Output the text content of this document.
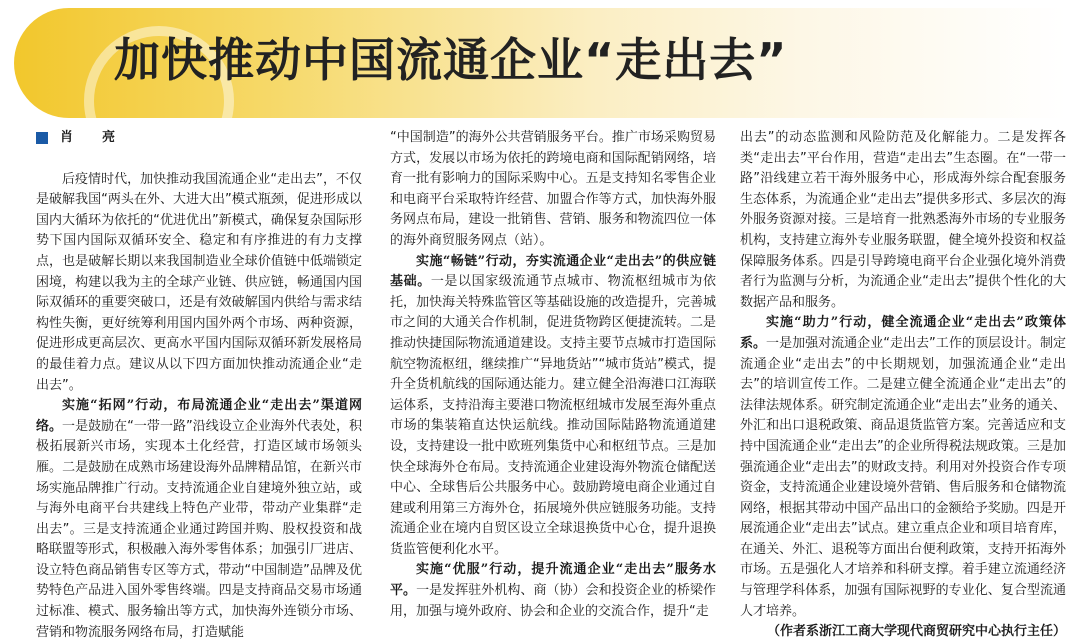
加快推动中国流通企业“走出去”
肖　亮

后疫情时代，加快推动我国流通企业“走出去”，不仅是破解我国“两头在外、大进大出”模式瓶颈，促进形成以国内大循环为依托的“优进优出”新模式，确保复杂国际形势下国内国际双循环安全、稳定和有序推进的有力支撑点，也是破解长期以来我国制造业全球价值链中低端锁定困境，构建以我为主的全球产业链、供应链，畅通国内国际双循环的重要突破口，还是有效破解国内供给与需求结构性失衡，更好统筹利用国内国外两个市场、两种资源，促进形成更高层次、更高水平国内国际双循环新发展格局的最佳着力点。建议从以下四方面加快推动流通企业“走出去”。

实施“拓网”行动，布局流通企业“走出去”渠道网络。一是鼓励在“一带一路”沿线设立企业海外代表处，积极拓展新兴市场，实现本土化经营，打造区域市场领头雁。二是鼓励在成熟市场建设海外品牌精品馆，在新兴市场实施品牌推广行动。支持流通企业自建境外独立站，或与海外电商平台共建线上特色产业带，带动产业集群“走出去”。三是支持流通企业通过跨国并购、股权投资和战略联盟等形式，积极融入海外零售体系；加强引厂进店、设立特色商品销售专区等方式，带动“中国制造”品牌及优势特色产品进入国外零售终端。四是支持商品交易市场通过标准、模式、服务输出等方式，加快海外连锁分市场、营销和物流服务网络布局，打造赋能

“中国制造”的海外公共营销服务平台。推广市场采购贸易方式，发展以市场为依托的跨境电商和国际配销网络，培育一批有影响力的国际采购中心。五是支持知名零售企业和电商平台采取特许经营、加盟合作等方式，加快海外服务网点布局，建设一批销售、营销、服务和物流四位一体的海外商贸服务网点（站）。

实施“畅链”行动，夯实流通企业“走出去”的供应链基础。一是以国家级流通节点城市、物流枢纽城市为依托，加快海关特殊监管区等基础设施的改造提升，完善城市之间的大通关合作机制，促进货物跨区便捷流转。二是推动快捷国际物流通道建设。支持主要节点城市打造国际航空物流枢纽，继续推广“异地货站”“城市货站”模式，提升全货机航线的国际通达能力。建立健全沿海港口江海联运体系，支持沿海主要港口物流枢纽城市发展至海外重点市场的集装箱直达快运航线。推动国际陆路物流通道建设，支持建设一批中欧班列集货中心和枢纽节点。三是加快全球海外仓布局。支持流通企业建设海外物流仓储配送中心、全球售后公共服务中心。鼓励跨境电商企业通过自建或利用第三方海外仓，拓展境外供应链服务功能。支持流通企业在境内自贸区设立全球退换货中心仓，提升退换货监管便利化水平。

实施“优服”行动，提升流通企业“走出去”服务水平。一是发挥驻外机构、商（协）会和投资企业的桥梁作用，加强与境外政府、协会和企业的交流合作，提升“走

出去”的动态监测和风险防范及化解能力。二是发挥各类“走出去”平台作用，营造“走出去”生态圈。在“一带一路”沿线建立若干海外服务中心，形成海外综合配套服务生态体系，为流通企业“走出去”提供多形式、多层次的海外服务资源对接。三是培育一批熟悉海外市场的专业服务机构，支持建立海外专业服务联盟，健全境外投资和权益保障服务体系。四是引导跨境电商平台企业强化境外消费者行为监测与分析，为流通企业“走出去”提供个性化的大数据产品和服务。

实施“助力”行动，健全流通企业“走出去”政策体系。一是加强对流通企业“走出去”工作的顶层设计。制定流通企业“走出去”的中长期规划，加强流通企业“走出去”的培训宣传工作。二是建立健全流通企业“走出去”的法律法规体系。研究制定流通企业“走出去”业务的通关、外汇和出口退税政策、商品退货监管方案。完善适应和支持中国流通企业“走出去”的企业所得税法规政策。三是加强流通企业“走出去”的财政支持。利用对外投资合作专项资金，支持流通企业建设境外营销、售后服务和仓储物流网络，根据其带动中国产品出口的金额给予奖励。四是开展流通企业“走出去”试点。建立重点企业和项目培育库，在通关、外汇、退税等方面出台便利政策，支持开拓海外市场。五是强化人才培养和科研支撑。着手建立流通经济与管理学科体系，加强有国际视野的专业化、复合型流通人才培养。

（作者系浙江工商大学现代商贸研究中心执行主任）
